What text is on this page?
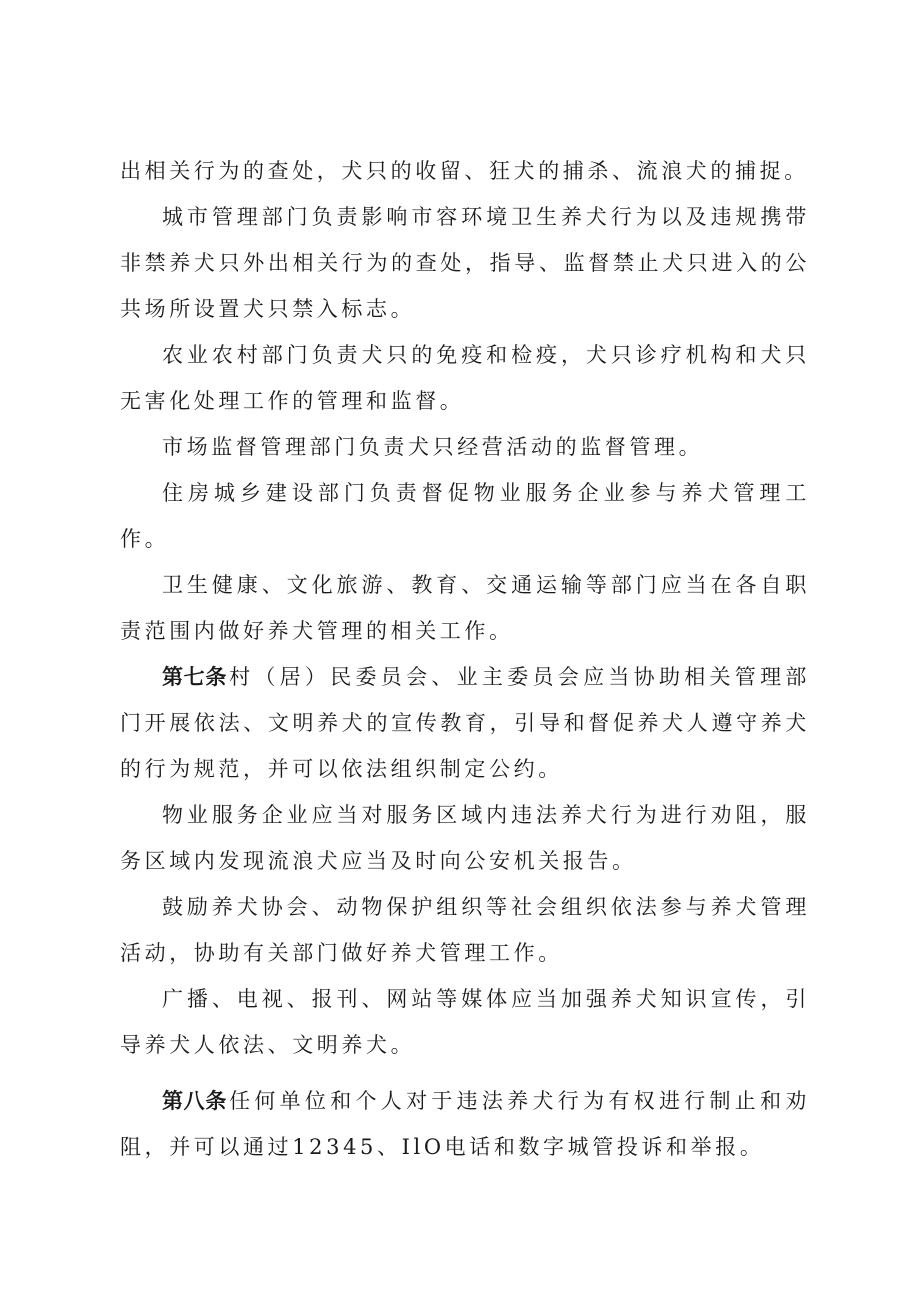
出相关行为的查处，犬只的收留、狂犬的捕杀、流浪犬的捕捉。

城市管理部门负责影响市容环境卫生养犬行为以及违规携带非禁养犬只外出相关行为的查处，指导、监督禁止犬只进入的公共场所设置犬只禁入标志。

农业农村部门负责犬只的免疫和检疫，犬只诊疗机构和犬只无害化处理工作的管理和监督。

市场监督管理部门负责犬只经营活动的监督管理。

住房城乡建设部门负责督促物业服务企业参与养犬管理工作。

卫生健康、文化旅游、教育、交通运输等部门应当在各自职责范围内做好养犬管理的相关工作。

第七条村（居）民委员会、业主委员会应当协助相关管理部门开展依法、文明养犬的宣传教育，引导和督促养犬人遵守养犬的行为规范，并可以依法组织制定公约。

物业服务企业应当对服务区域内违法养犬行为进行劝阻，服务区域内发现流浪犬应当及时向公安机关报告。

鼓励养犬协会、动物保护组织等社会组织依法参与养犬管理活动，协助有关部门做好养犬管理工作。

广播、电视、报刊、网站等媒体应当加强养犬知识宣传，引导养犬人依法、文明养犬。

第八条任何单位和个人对于违法养犬行为有权进行制止和劝阻，并可以通过12345、IlO电话和数字城管投诉和举报。
